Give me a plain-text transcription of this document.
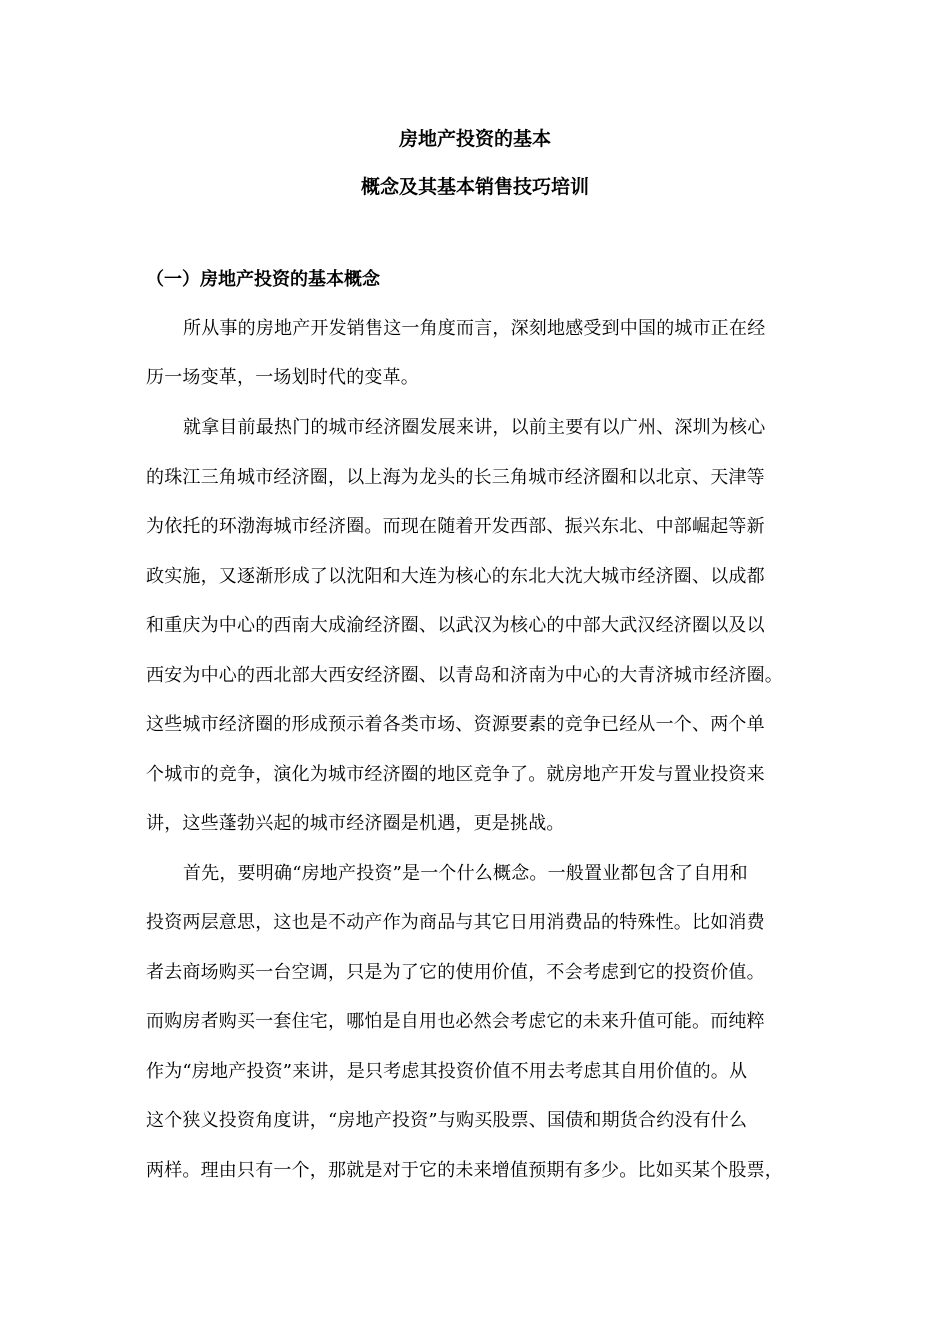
房地产投资的基本
概念及其基本销售技巧培训
（一）房地产投资的基本概念
所从事的房地产开发销售这一角度而言，深刻地感受到中国的城市正在经
历一场变革，一场划时代的变革。
就拿目前最热门的城市经济圈发展来讲，以前主要有以广州、深圳为核心
的珠江三角城市经济圈，以上海为龙头的长三角城市经济圈和以北京、天津等
为依托的环渤海城市经济圈。而现在随着开发西部、振兴东北、中部崛起等新
政实施，又逐渐形成了以沈阳和大连为核心的东北大沈大城市经济圈、以成都
和重庆为中心的西南大成渝经济圈、以武汉为核心的中部大武汉经济圈以及以
西安为中心的西北部大西安经济圈、以青岛和济南为中心的大青济城市经济圈。
这些城市经济圈的形成预示着各类市场、资源要素的竞争已经从一个、两个单
个城市的竞争，演化为城市经济圈的地区竞争了。就房地产开发与置业投资来
讲，这些蓬勃兴起的城市经济圈是机遇，更是挑战。
首先，要明确“房地产投资”是一个什么概念。一般置业都包含了自用和
投资两层意思，这也是不动产作为商品与其它日用消费品的特殊性。比如消费
者去商场购买一台空调，只是为了它的使用价值，不会考虑到它的投资价值。
而购房者购买一套住宅，哪怕是自用也必然会考虑它的未来升值可能。而纯粹
作为“房地产投资”来讲，是只考虑其投资价值不用去考虑其自用价值的。从
这个狭义投资角度讲，“房地产投资”与购买股票、国债和期货合约没有什么
两样。理由只有一个，那就是对于它的未来增值预期有多少。比如买某个股票，
